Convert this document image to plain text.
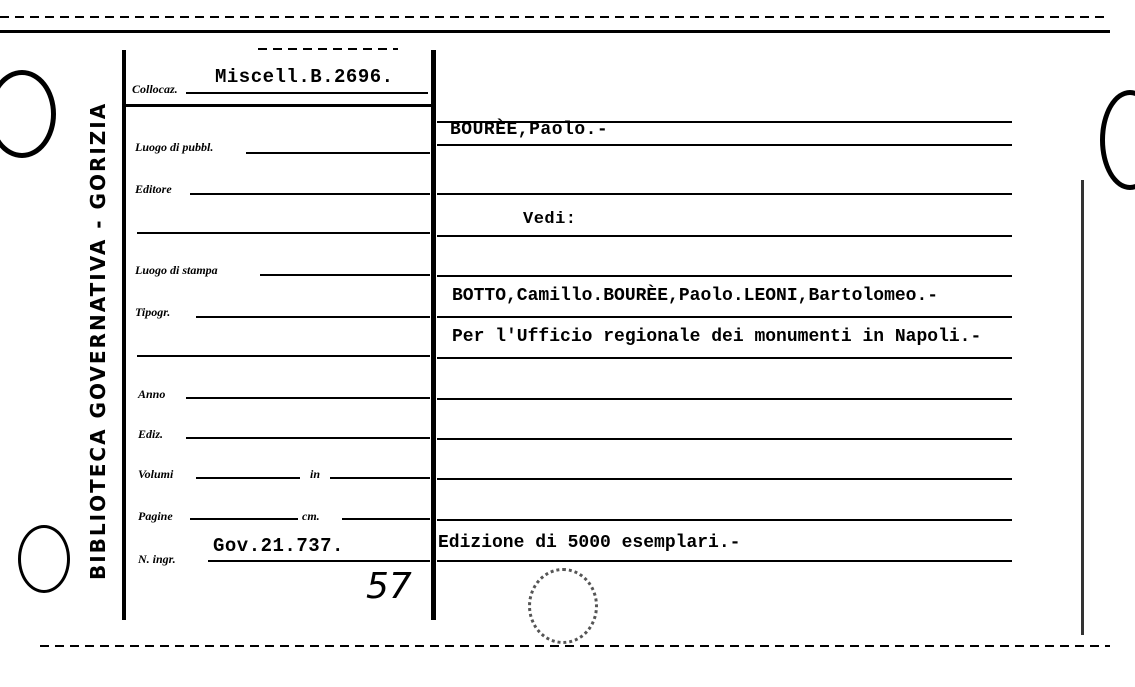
BIBLIOTECA GOVERNATIVA - GORIZIA
Collocaz.
Miscell.B.2696.
Luogo di pubbl.
Editore
Luogo di stampa
Tipogr.
Anno
Ediz.
Volumi	in
Pagine	cm.
N. ingr.
Gov.21.737.
57
BOURÈE,Paolo.-
Vedi:
BOTTO,Camillo.BOURÈE,Paolo.LEONI,Bartolomeo.-
Per l'Ufficio regionale dei monumenti in Napoli.-
Edizione di 5000 esemplari.-
